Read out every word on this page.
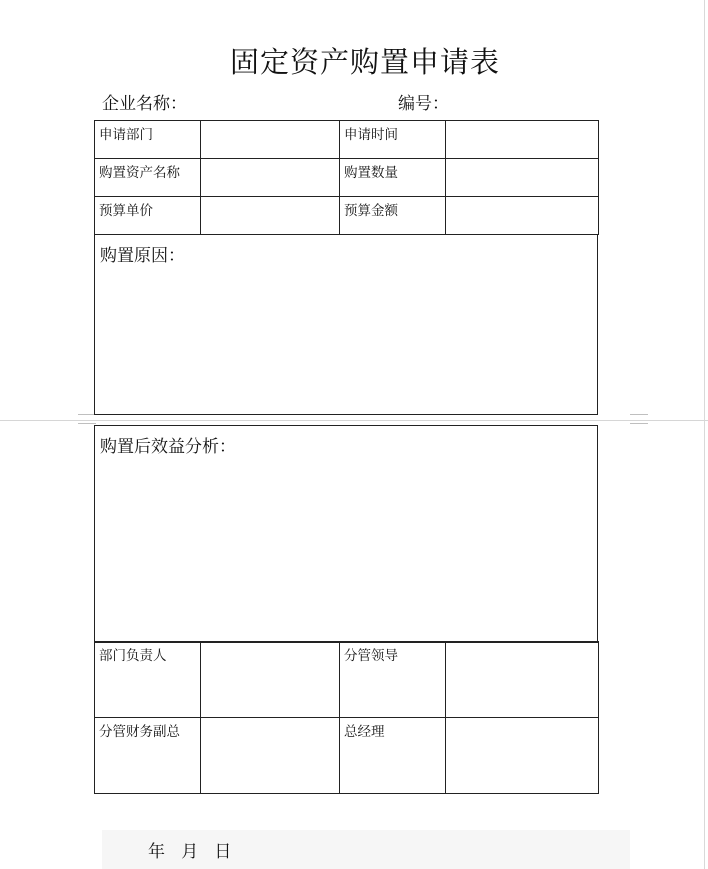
固定资产购置申请表
企业名称：	编号：
申请部门		申请时间	

购置资产名称		购置数量	

预算单价		预算金额	

购置原因：
购置后效益分析：
部门负责人		分管领导	

分管财务副总		总经理	

年   月   日
